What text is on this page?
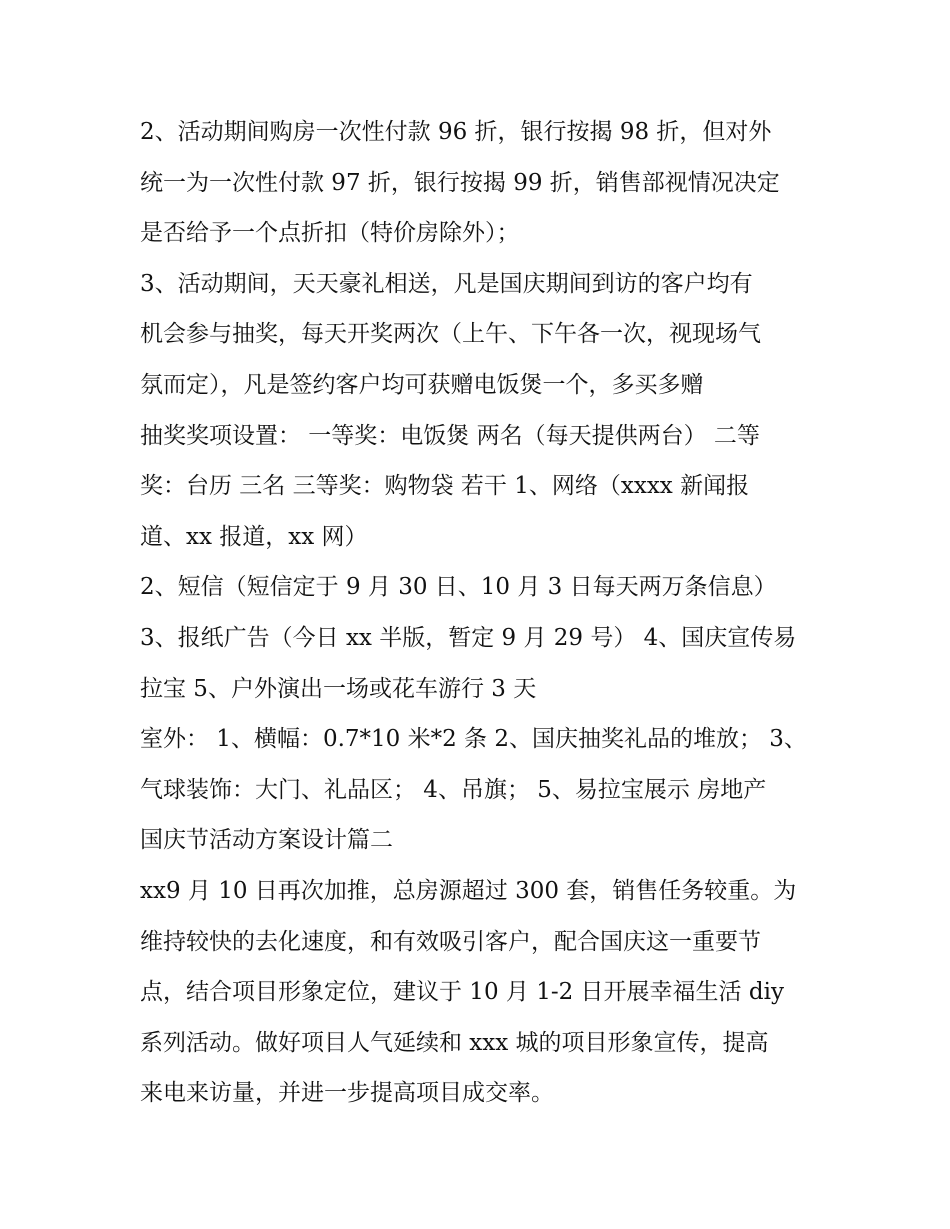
2、活动期间购房一次性付款 96 折，银行按揭 98 折，但对外
统一为一次性付款 97 折，银行按揭 99 折，销售部视情况决定
是否给予一个点折扣（特价房除外）；
3、活动期间，天天豪礼相送，凡是国庆期间到访的客户均有
机会参与抽奖，每天开奖两次（上午、下午各一次，视现场气
氛而定），凡是签约客户均可获赠电饭煲一个，多买多赠
抽奖奖项设置： 一等奖：电饭煲 两名（每天提供两台） 二等
奖：台历 三名 三等奖：购物袋 若干 1、网络（xxxx 新闻报
道、xx 报道，xx 网）
2、短信（短信定于 9 月 30 日、10 月 3 日每天两万条信息）
3、报纸广告（今日 xx 半版，暂定 9 月 29 号） 4、国庆宣传易
拉宝 5、户外演出一场或花车游行 3 天
室外： 1、横幅：0.7*10 米*2 条 2、国庆抽奖礼品的堆放； 3、
气球装饰：大门、礼品区； 4、吊旗； 5、易拉宝展示 房地产
国庆节活动方案设计篇二
xx9 月 10 日再次加推，总房源超过 300 套，销售任务较重。为
维持较快的去化速度，和有效吸引客户，配合国庆这一重要节
点，结合项目形象定位，建议于 10 月 1-2 日开展幸福生活 diy
系列活动。做好项目人气延续和 xxx 城的项目形象宣传，提高
来电来访量，并进一步提高项目成交率。
